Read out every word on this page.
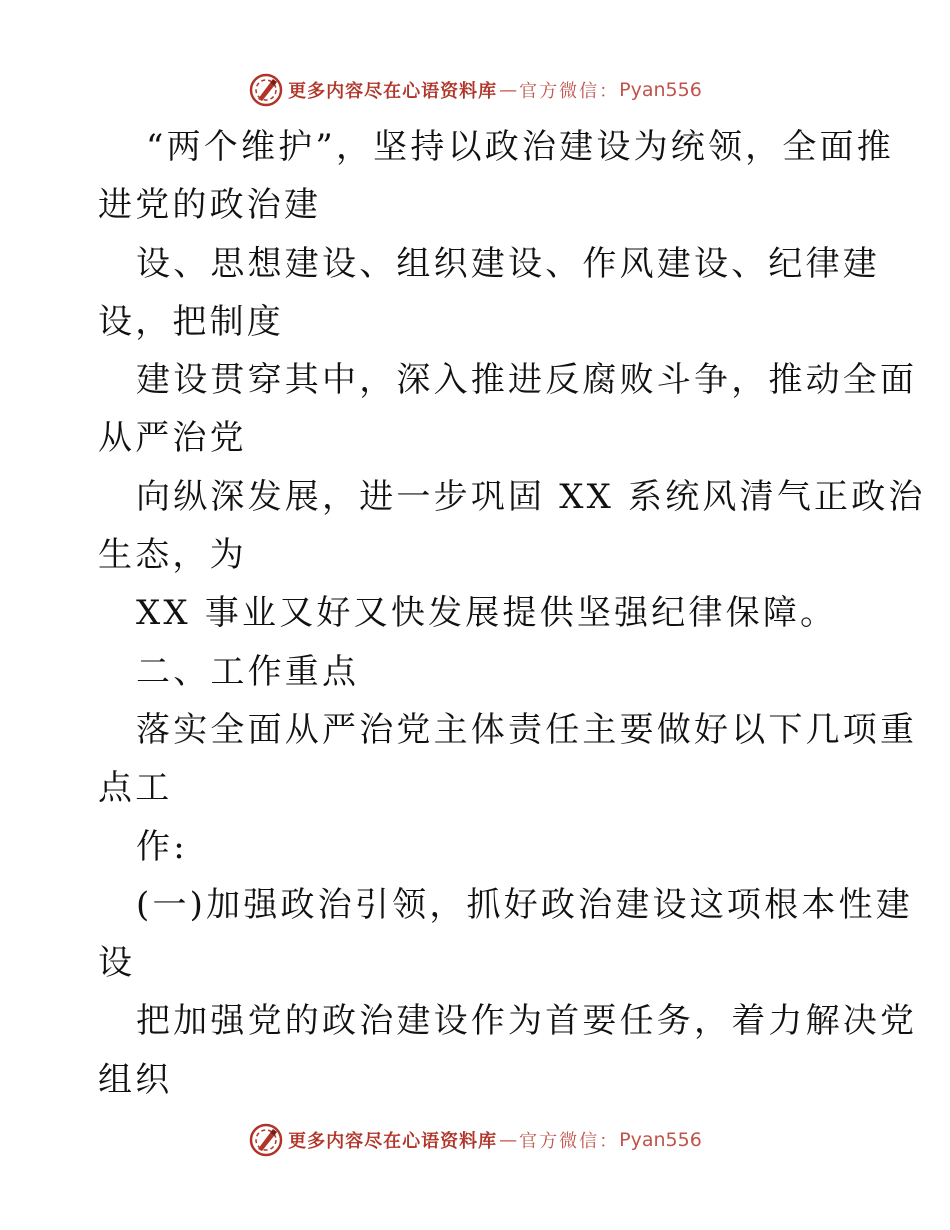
更多内容尽在心语资料库 — 官方微信： Pyan556
“两个维护”，坚持以政治建设为统领，全面推
进党的政治建
设、思想建设、组织建设、作风建设、纪律建
设，把制度
建设贯穿其中，深入推进反腐败斗争，推动全面
从严治党
向纵深发展，进一步巩固 XX 系统风清气正政治
生态，为
XX 事业又好又快发展提供坚强纪律保障。
二、工作重点
落实全面从严治党主体责任主要做好以下几项重
点工
作:
(一)加强政治引领，抓好政治建设这项根本性建
设
把加强党的政治建设作为首要任务，着力解决党
组织
更多内容尽在心语资料库 — 官方微信： Pyan556
